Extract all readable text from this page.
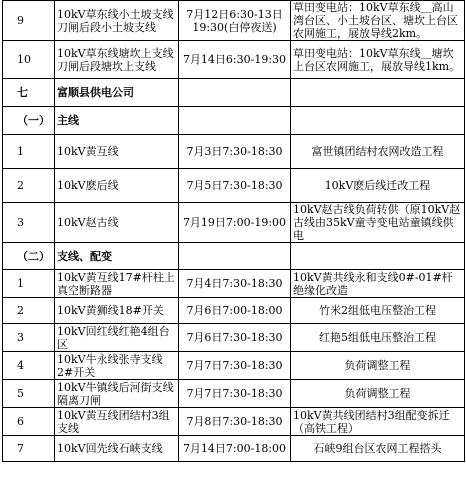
9	10kV草东线小土坡支线刀闸后段小土坡支线	7月12日6:30-13日19:30(白停夜送)	草田变电站：10kV草东线＿高山湾台区、小土坡台区、塘坎上台区农网施工，展放导线2km。
10	10kV草东线塘坎上支线刀闸后段塘坎上支线	7月14日6:30-19:30	草田变电站：10kV草东线＿塘坎上台区农网施工，展放导线1km。
七	富顺县供电公司		
（一）	主线		
1	10kV黄互线	7月3日7:30-18:30	富世镇团结村农网改造工程
2	10kV麽后线	7月5日7:30-18:30	10kV麽后线迁改工程
3	10kV赵古线	7月19日7:00-19:00	10kV赵古线负荷转供（原10kV赵古线由35kV童寺变电站童镇线供电
（二）	支线、配变		
1	10kV黄互线17#杆柱上真空断路器	7月4日7:30-18:30	10kV黄共线永和支线0#-01#杆绝缘化改造
2	10kV黄狮线18#开关	7月6日7:00-18:00	竹米2组低电压整治工程
3	10kV回红线红艳4组台区	7月6日7:30-18:30	红艳5组低电压整治工程
4	10kV牛永线张寺支线2#开关	7月7日7:30-18:30	负荷调整工程
5	10kV牛镇线后河街支线隔离刀闸	7月7日7:30-18:30	负荷调整工程
6	10kV黄互线团结村3组支线	7月8日7:30-18:30	10kV黄共线团结村3组配变拆迁（高铁工程）
7	10kV回先线石峡支线	7月14日7:00-18:00	石峡9组台区农网工程搭头
